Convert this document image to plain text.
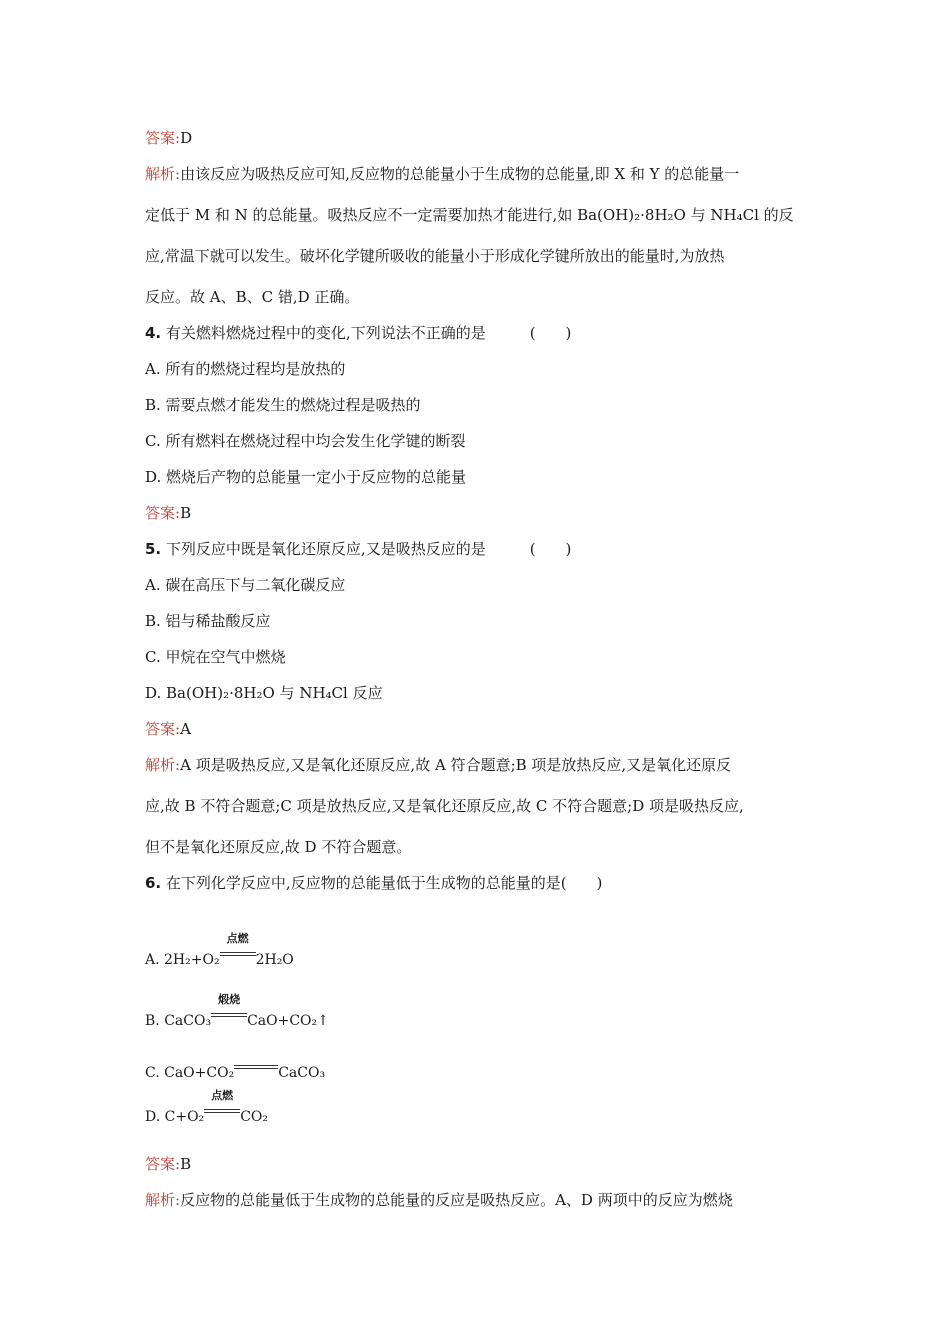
答案:D
解析:由该反应为吸热反应可知,反应物的总能量小于生成物的总能量,即 X 和 Y 的总能量一
定低于 M 和 N 的总能量。吸热反应不一定需要加热才能进行,如 Ba(OH)₂·8H₂O 与 NH₄Cl 的反
应,常温下就可以发生。破坏化学键所吸收的能量小于形成化学键所放出的能量时,为放热
反应。故 A、B、C 错,D 正确。
4. 有关燃料燃烧过程中的变化,下列说法不正确的是	(　　)
A. 所有的燃烧过程均是放热的
B. 需要点燃才能发生的燃烧过程是吸热的
C. 所有燃料在燃烧过程中均会发生化学键的断裂
D. 燃烧后产物的总能量一定小于反应物的总能量
答案:B
5. 下列反应中既是氧化还原反应,又是吸热反应的是	(　　)
A. 碳在高压下与二氧化碳反应
B. 铝与稀盐酸反应
C. 甲烷在空气中燃烧
D. Ba(OH)₂·8H₂O 与 NH₄Cl 反应
答案:A
解析:A 项是吸热反应,又是氧化还原反应,故 A 符合题意;B 项是放热反应,又是氧化还原反
应,故 B 不符合题意;C 项是放热反应,又是氧化还原反应,故 C 不符合题意;D 项是吸热反应,
但不是氧化还原反应,故 D 不符合题意。
6. 在下列化学反应中,反应物的总能量低于生成物的总能量的是(　　)
A. 2H₂+O₂
点燃
2H₂O
B. CaCO₃
煅烧
CaO+CO₂↑
C. CaO+CO₂	CaCO₃
D. C+O₂
点燃
CO₂
答案:B
解析:反应物的总能量低于生成物的总能量的反应是吸热反应。A、D 两项中的反应为燃烧
